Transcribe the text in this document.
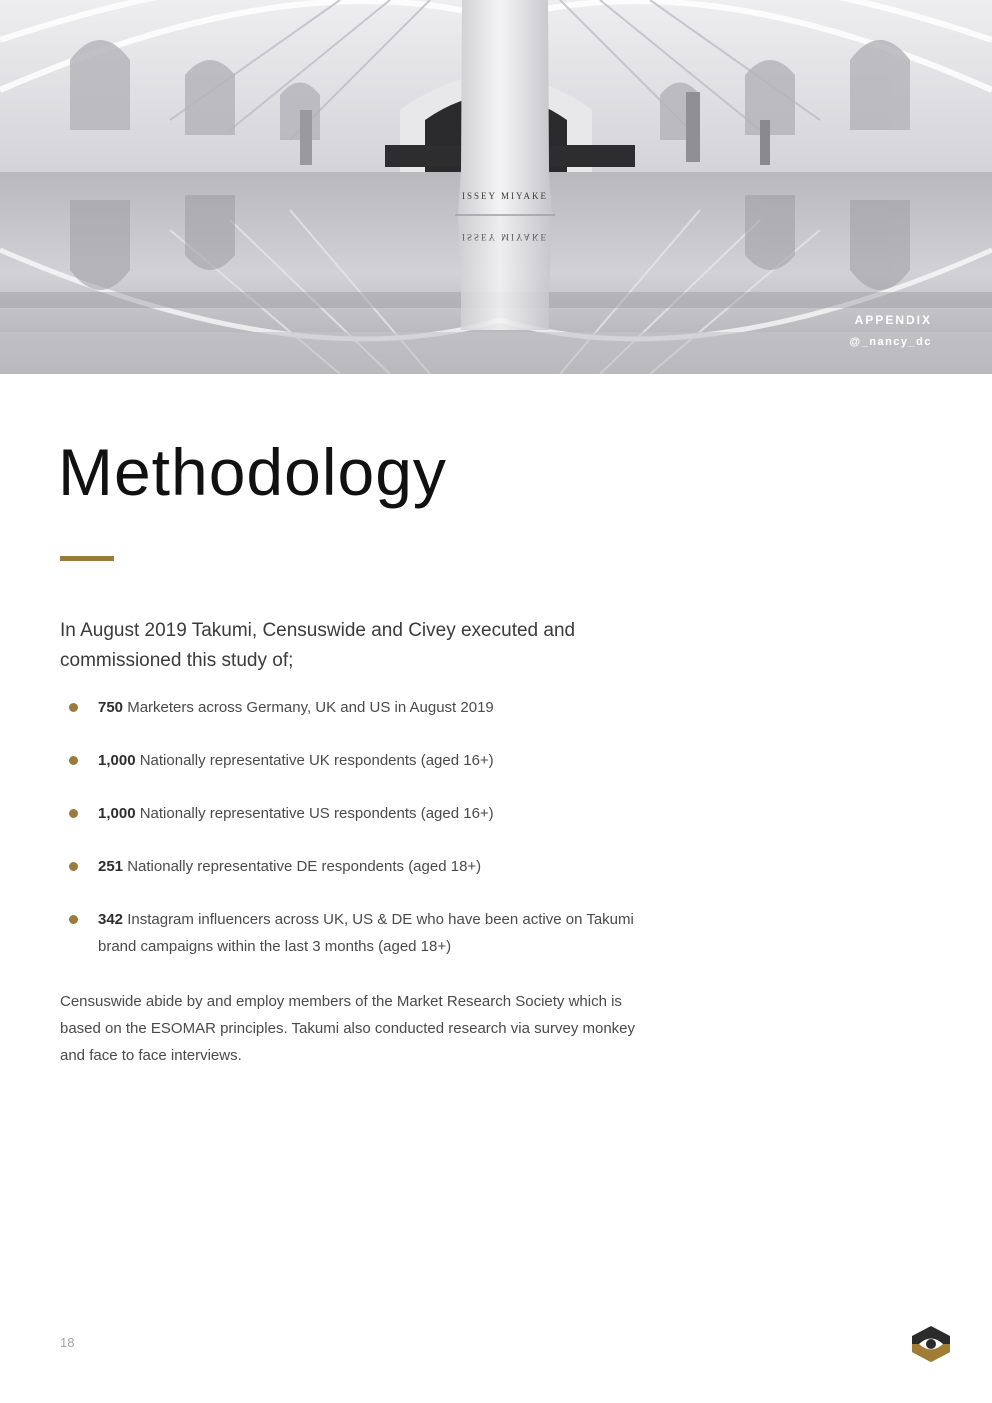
ISSEY MIYAKE
ISSEY MIYAKE
APPENDIX
@_nancy_dc
Methodology

In August 2019 Takumi, Censuswide and Civey executed and commissioned this study of;

750 Marketers across Germany, UK and US in August 2019
1,000 Nationally representative UK respondents (aged 16+)
1,000 Nationally representative US respondents (aged 16+)
251 Nationally representative DE respondents (aged 18+)
342 Instagram influencers across UK, US & DE who have been active on Takumi brand campaigns within the last 3 months (aged 18+)

Censuswide abide by and employ members of the Market Research Society which is based on the ESOMAR principles. Takumi also conducted research via survey monkey and face to face interviews.

18
